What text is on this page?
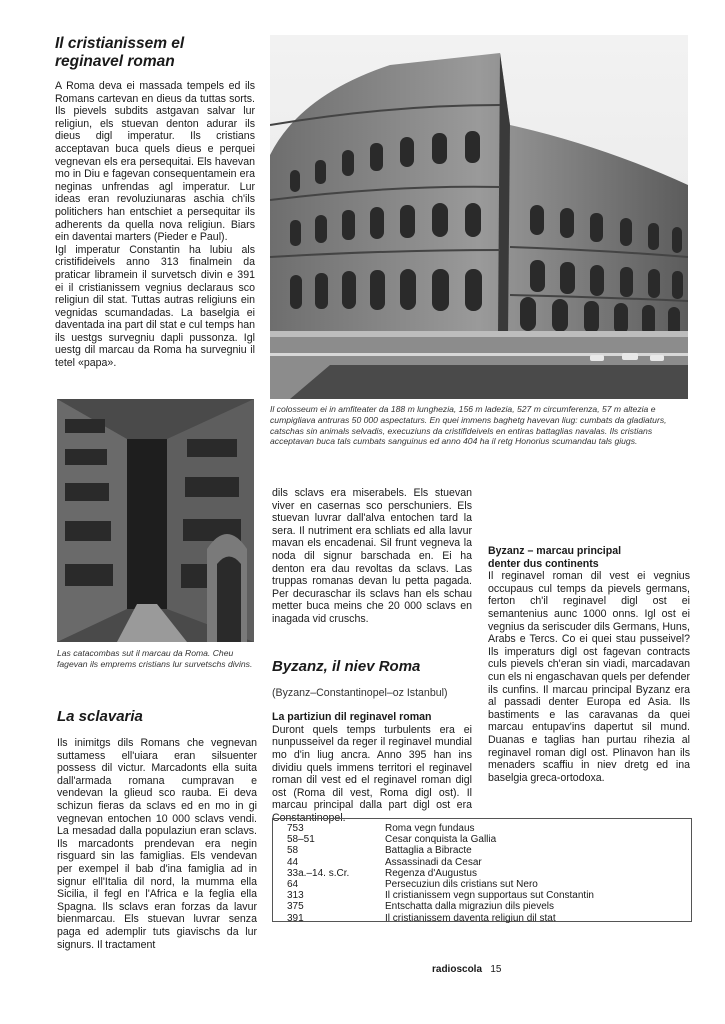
Il cristianissem el
reginavel roman

A Roma deva ei massada tempels ed ils Romans cartevan en dieus da tuttas sorts. Ils pievels subdits astgavan salvar lur religiun, els stuevan denton adurar ils dieus digl imperatur. Ils cristians acceptavan buca quels dieus e perquei vegnevan els era persequitai. Els havevan mo in Diu e fagevan consequentamein era neginas unfrendas agl imperatur. Lur ideas eran revoluziunaras aschia ch'ils politichers han entschiet a persequitar ils adherents da quella nova religiun. Biars ein daventai marters (Pieder e Paul).

Igl imperatur Constantin ha lubiu als cristifideivels anno 313 finalmein da praticar libramein il survetsch divin e 391 ei il cristianissem vegnius declaraus sco religiun dil stat. Tuttas autras religiuns ein vegnidas scumandadas. La baselgia ei daventada ina part dil stat e cul temps han ils uestgs survegniu dapli pussonza. Igl uestg dil marcau da Roma ha survegniu il tetel «papa».

Il colosseum ei in amfiteater da 188 m lunghezia, 156 m ladezia, 527 m circumferenza, 57 m altezia e cumpigliava antruras 50 000 aspectaturs. En quei immens baghetg havevan liug: cumbats da gladiaturs, catschas sin animals selvadis, execuziuns da cristifideivels en entiras battaglias navalas. Ils cristians acceptavan buca tals cumbats sanguinus ed anno 404 ha il retg Honorius scumandau tals giugs.

Las catacombas sut il marcau da Roma. Cheu fagevan ils emprems cristians lur survetschs divins.

La sclavaria

Ils inimitgs dils Romans che vegnevan suttamess ell'uiara eran silsuenter possess dil victur. Marcadonts ella suita dall'armada romana cumpravan e vendevan la glieud sco rauba. Ei deva schizun fieras da sclavs ed en mo in gi vegnevan entochen 10 000 sclavs vendi. La mesadad dalla populaziun eran sclavs. Ils marcadonts prendevan era negin risguard sin las famiglias. Els vendevan per exempel il bab d'ina famiglia ad in signur ell'Italia dil nord, la mumma ella Sicilia, il fegl en l'Africa e la feglia ella Spagna. Ils sclavs eran forzas da lavur bienmarcau. Els stuevan luvrar senza paga ed ademplir tuts giavischs da lur signurs. Il tractament

dils sclavs era miserabels. Els stuevan viver en casernas sco perschuniers. Els stuevan luvrar dall'alva entochen tard la sera. Il nutriment era schliats ed alla lavur mavan els encadenai. Sil frunt vegneva la noda dil signur barschada en. Ei ha denton era dau revoltas da sclavs. Las truppas romanas devan lu petta pagada. Per decuraschar ils sclavs han els schau metter buca meins che 20 000 sclavs en inagada vid cruschs.

Byzanz, il niev Roma

(Byzanz–Constantinopel–oz Istanbul)

La partiziun dil reginavel roman

Duront quels temps turbulents era ei nunpusseivel da reger il reginavel mundial mo d'in liug ancra. Anno 395 han ins dividiu quels immens territori el reginavel roman dil vest ed el reginavel roman digl ost (Roma dil vest, Roma digl ost). Il marcau principal dalla part digl ost era Constantinopel.

Byzanz – marcau principal
denter dus continents

Il reginavel roman dil vest ei vegnius occupaus cul temps da pievels germans, ferton ch'il reginavel digl ost ei semantenius aunc 1000 onns. Igl ost ei vegnius da seriscuder dils Germans, Huns, Arabs e Tercs. Co ei quei stau pusseivel? Ils imperaturs digl ost fagevan contracts culs pievels ch'eran sin viadi, marcadavan cun els ni engaschavan quels per defender ils cunfins. Il marcau principal Byzanz era al passadi denter Europa ed Asia. Ils bastiments e las caravanas da quei marcau entupav'ins dapertut sil mund. Duanas e taglias han purtau rihezia al reginavel roman digl ost. Plinavon han ils menaders scaffiu in niev dretg ed ina baselgia greca-ortodoxa.

753	Roma vegn fundaus
58–51	Cesar conquista la Gallia
58	Battaglia a Bibracte
44	Assassinadi da Cesar
33a.–14. s.Cr.	Regenza d'Augustus
64	Persecuziun dils cristians sut Nero
313	Il cristianissem vegn supportaus sut Constantin
375	Entschatta dalla migraziun dils pievels
391	Il cristianissem daventa religiun dil stat
radioscola 15
